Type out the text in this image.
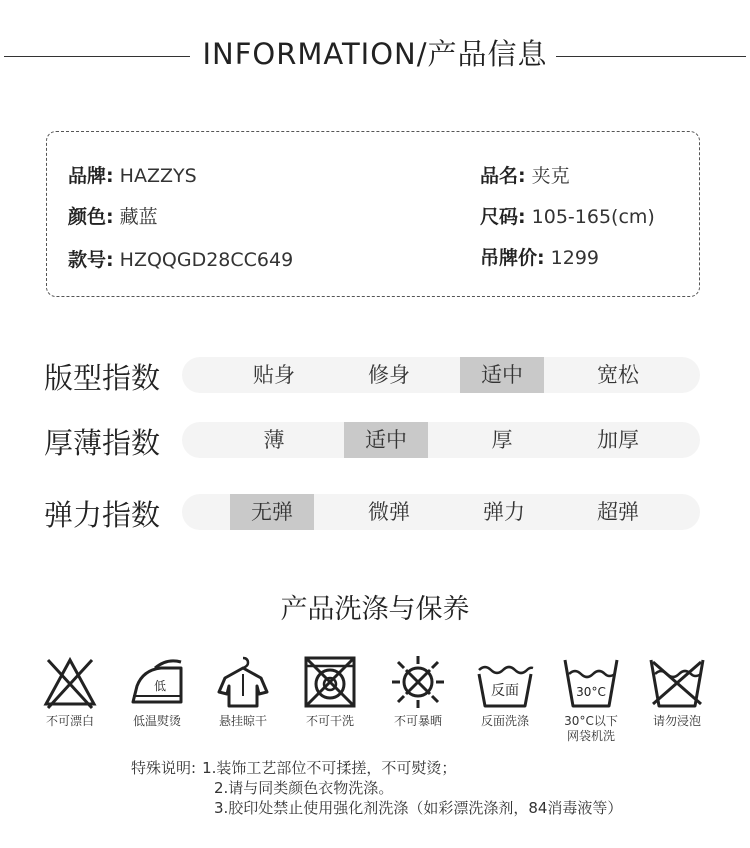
INFORMATION/产品信息
品牌: HAZZYS
颜色: 藏蓝
款号: HZQQGD28CC649
品名: 夹克
尺码: 105-165(cm)
吊牌价: 1299
版型指数	贴身	修身	适中	宽松
厚薄指数	薄	适中	厚	加厚
弹力指数	无弹	微弹	弹力	超弹
产品洗涤与保养
不可漂白
低
低温熨烫	悬挂晾干	不可干洗	不可暴晒
反面
反面洗涤
30°C
30°C以下
网袋机洗
请勿浸泡
特殊说明: 1.装饰工艺部位不可揉搓，不可熨烫；
2.请与同类颜色衣物洗涤。
3.胶印处禁止使用强化剂洗涤（如彩漂洗涤剂，84消毒液等）
